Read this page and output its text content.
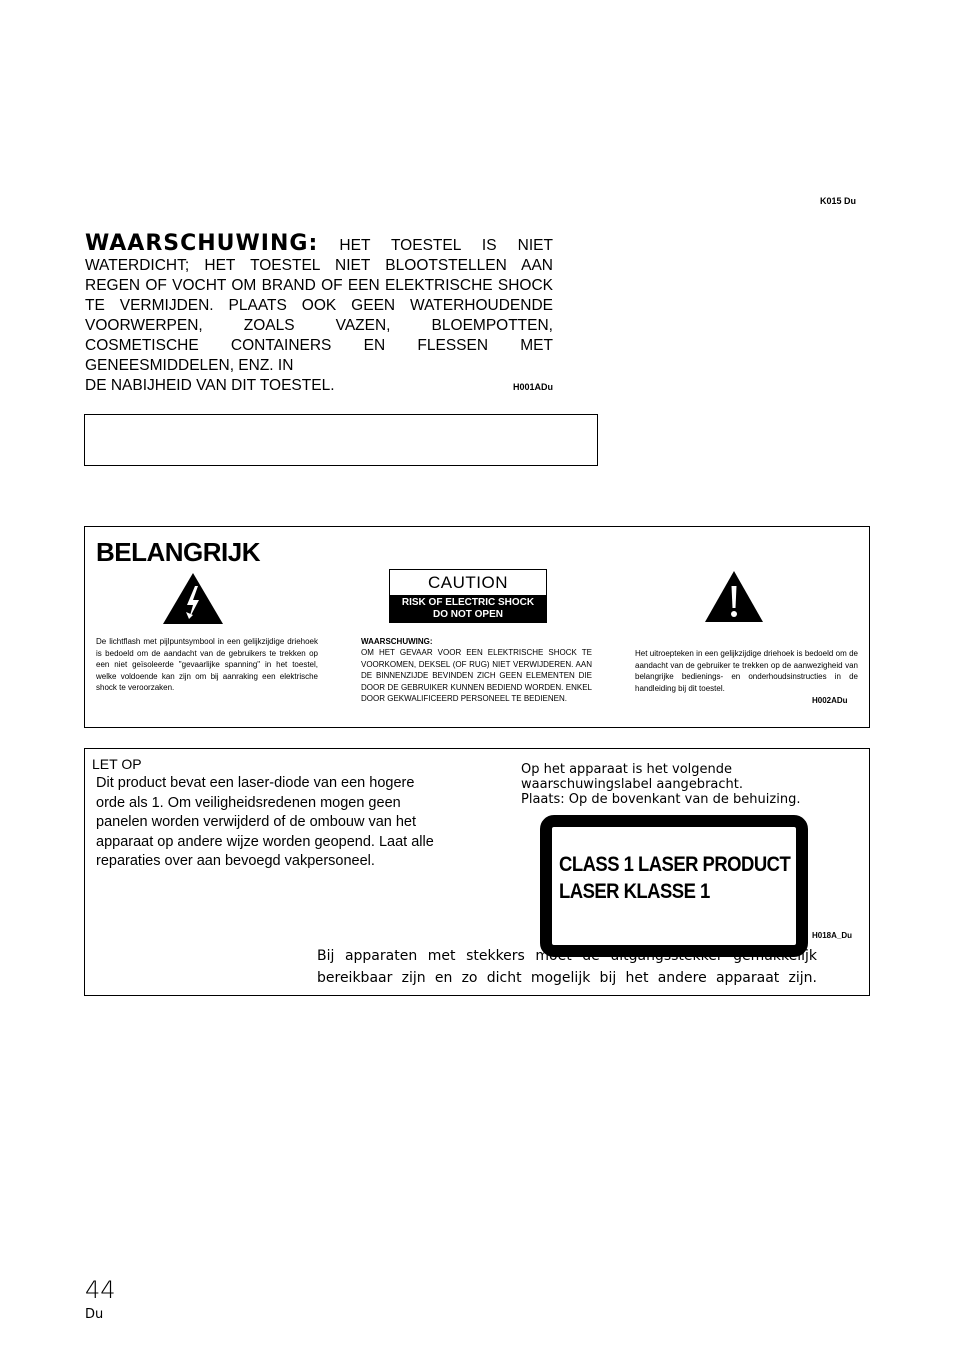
K015 Du
WAARSCHUWING: HET TOESTEL IS NIET WATERDICHT; HET TOESTEL NIET BLOOTSTELLEN AAN REGEN OF VOCHT OM BRAND OF EEN ELEKTRISCHE SHOCK TE VERMIJDEN. PLAATS OOK GEEN WATERHOUDENDE VOORWERPEN, ZOALS VAZEN, BLOEMPOTTEN, COSMETISCHE CONTAINERS EN FLESSEN MET GENEESMIDDELEN, ENZ. IN
DE NABIJHEID VAN DIT TOESTEL.	H001ADu
BELANGRIJK
De lichtflash met pijlpuntsymbool in een gelijkzijdige driehoek is bedoeld om de aandacht van de gebruikers te trekken op een niet geïsoleerde "gevaarlijke spanning" in het toestel, welke voldoende kan zijn om bij aanraking een elektrische shock te veroorzaken.
CAUTION
RISK OF ELECTRIC SHOCK
DO NOT OPEN
WAARSCHUWING:
OM HET GEVAAR VOOR EEN ELEKTRISCHE SHOCK TE VOORKOMEN, DEKSEL (OF RUG) NIET VERWIJDEREN. AAN DE BINNENZIJDE BEVINDEN ZICH GEEN ELEMENTEN DIE DOOR DE GEBRUIKER KUNNEN BEDIEND WORDEN. ENKEL DOOR GEKWALIFICEERD PERSONEEL TE BEDIENEN.
Het uitroepteken in een gelijkzijdige driehoek is bedoeld om de aandacht van de gebruiker te trekken op de aanwezigheid van belangrijke bedienings- en onderhoudsinstructies in de handleiding bij dit toestel.
H002ADu
LET OP
Dit product bevat een laser-diode van een hogere orde als 1. Om veiligheidsredenen mogen geen panelen worden verwijderd of de ombouw van het apparaat op andere wijze worden geopend. Laat alle reparaties over aan bevoegd vakpersoneel.
Op het apparaat is het volgende
waarschuwingslabel aangebracht.
Plaats: Op de bovenkant van de behuizing.
CLASS 1 LASER PRODUCT
LASER KLASSE 1
H018A_Du
Bij apparaten met stekkers moet de uitgangsstekker gemakkelijk bereikbaar zijn en zo dicht mogelijk bij het andere apparaat zijn.
44
Du
